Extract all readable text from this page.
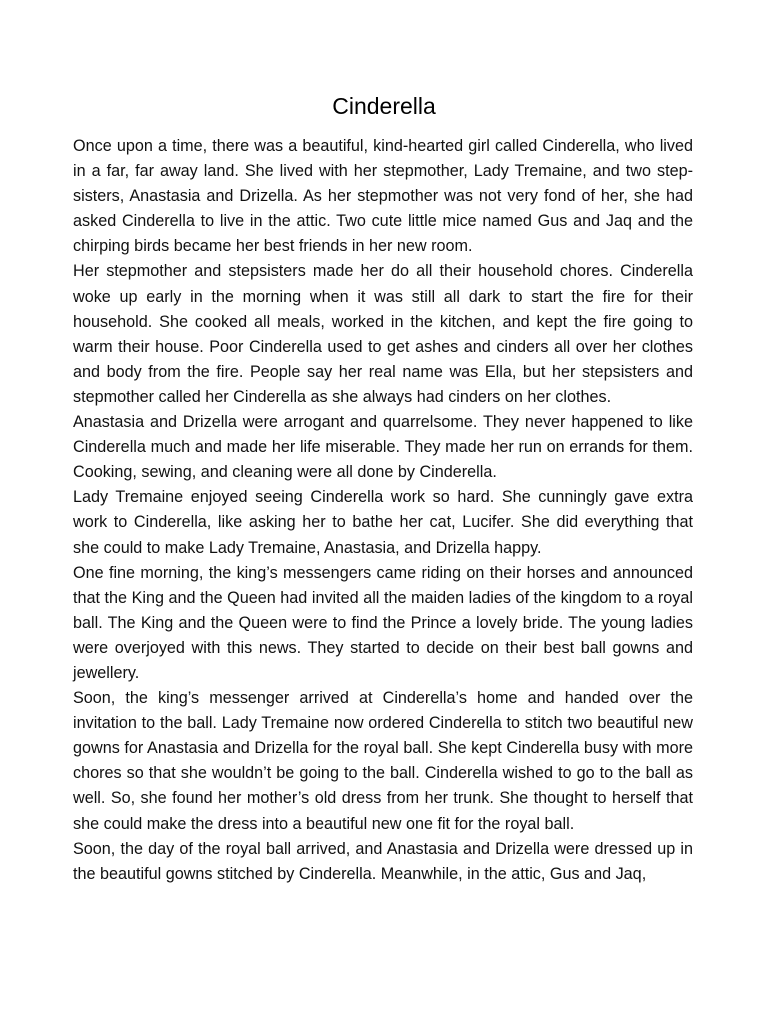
Cinderella

Once upon a time, there was a beautiful, kind-hearted girl called Cinderella, who lived in a far, far away land. She lived with her stepmother, Lady Tremaine, and two step-sisters, Anastasia and Drizella. As her stepmother was not very fond of her, she had asked Cinderella to live in the attic. Two cute little mice named Gus and Jaq and the chirping birds became her best friends in her new room.

Her stepmother and stepsisters made her do all their household chores. Cinderella woke up early in the morning when it was still all dark to start the fire for their household. She cooked all meals, worked in the kitchen, and kept the fire going to warm their house. Poor Cinderella used to get ashes and cinders all over her clothes and body from the fire. People say her real name was Ella, but her stepsisters and stepmother called her Cinderella as she always had cinders on her clothes.

Anastasia and Drizella were arrogant and quarrelsome. They never happened to like Cinderella much and made her life miserable. They made her run on errands for them. Cooking, sewing, and cleaning were all done by Cinderella.

Lady Tremaine enjoyed seeing Cinderella work so hard. She cunningly gave extra work to Cinderella, like asking her to bathe her cat, Lucifer. She did everything that she could to make Lady Tremaine, Anastasia, and Drizella happy.

One fine morning, the king’s messengers came riding on their horses and announced that the King and the Queen had invited all the maiden ladies of the kingdom to a royal ball. The King and the Queen were to find the Prince a lovely bride. The young ladies were overjoyed with this news. They started to decide on their best ball gowns and jewellery.

Soon, the king’s messenger arrived at Cinderella’s home and handed over the invitation to the ball. Lady Tremaine now ordered Cinderella to stitch two beautiful new gowns for Anastasia and Drizella for the royal ball. She kept Cinderella busy with more chores so that she wouldn’t be going to the ball. Cinderella wished to go to the ball as well. So, she found her mother’s old dress from her trunk. She thought to herself that she could make the dress into a beautiful new one fit for the royal ball.

Soon, the day of the royal ball arrived, and Anastasia and Drizella were dressed up in the beautiful gowns stitched by Cinderella. Meanwhile, in the attic, Gus and Jaq,
